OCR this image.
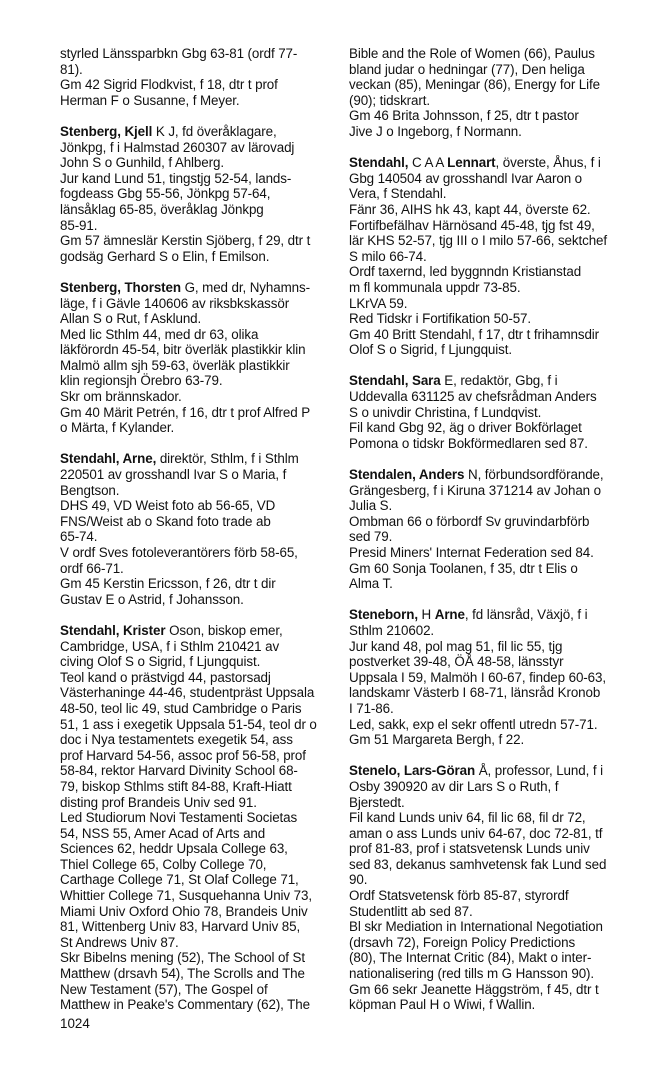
styrled Länssparbkn Gbg 63-81 (ordf 77-
81).
Gm 42 Sigrid Flodkvist, f 18, dtr t prof
Herman F o Susanne, f Meyer.
Stenberg, Kjell K J, fd överåklagare,
Jönkpg, f i Halmstad 260307 av lärovadj
John S o Gunhild, f Ahlberg.
Jur kand Lund 51, tingstjg 52-54, lands-
fogdeass Gbg 55-56, Jönkpg 57-64,
länsåklag 65-85, överåklag Jönkpg
85-91.
Gm 57 ämneslär Kerstin Sjöberg, f 29, dtr t
godsäg Gerhard S o Elin, f Emilson.
Stenberg, Thorsten G, med dr, Nyhamns-
läge, f i Gävle 140606 av riksbkskassör
Allan S o Rut, f Asklund.
Med lic Sthlm 44, med dr 63, olika
läkförordn 45-54, bitr överläk plastikkir klin
Malmö allm sjh 59-63, överläk plastikkir
klin regionsjh Örebro 63-79.
Skr om brännskador.
Gm 40 Märit Petrén, f 16, dtr t prof Alfred P
o Märta, f Kylander.
Stendahl, Arne, direktör, Sthlm, f i Sthlm
220501 av grosshandl Ivar S o Maria, f
Bengtson.
DHS 49, VD Weist foto ab 56-65, VD
FNS/Weist ab o Skand foto trade ab
65-74.
V ordf Sves fotoleverantörers förb 58-65,
ordf 66-71.
Gm 45 Kerstin Ericsson, f 26, dtr t dir
Gustav E o Astrid, f Johansson.
Stendahl, Krister Oson, biskop emer,
Cambridge, USA, f i Sthlm 210421 av
civing Olof S o Sigrid, f Ljungquist.
Teol kand o prästvigd 44, pastorsadj
Västerhaninge 44-46, studentpräst Uppsala
48-50, teol lic 49, stud Cambridge o Paris
51, 1 ass i exegetik Uppsala 51-54, teol dr o
doc i Nya testamentets exegetik 54, ass
prof Harvard 54-56, assoc prof 56-58, prof
58-84, rektor Harvard Divinity School 68-
79, biskop Sthlms stift 84-88, Kraft-Hiatt
disting prof Brandeis Univ sed 91.
Led Studiorum Novi Testamenti Societas
54, NSS 55, Amer Acad of Arts and
Sciences 62, heddr Upsala College 63,
Thiel College 65, Colby College 70,
Carthage College 71, St Olaf College 71,
Whittier College 71, Susquehanna Univ 73,
Miami Univ Oxford Ohio 78, Brandeis Univ
81, Wittenberg Univ 83, Harvard Univ 85,
St Andrews Univ 87.
Skr Bibelns mening (52), The School of St
Matthew (drsavh 54), The Scrolls and The
New Testament (57), The Gospel of
Matthew in Peake's Commentary (62), The
Bible and the Role of Women (66), Paulus
bland judar o hedningar (77), Den heliga
veckan (85), Meningar (86), Energy for Life
(90); tidskrart.
Gm 46 Brita Johnsson, f 25, dtr t pastor
Jive J o Ingeborg, f Normann.
Stendahl, C A A Lennart, överste, Åhus, f i
Gbg 140504 av grosshandl Ivar Aaron o
Vera, f Stendahl.
Fänr 36, AIHS hk 43, kapt 44, överste 62.
Fortifbefälhav Härnösand 45-48, tjg fst 49,
lär KHS 52-57, tjg III o I milo 57-66, sektchef
S milo 66-74.
Ordf taxernd, led byggnndn Kristianstad
m fl kommunala uppdr 73-85.
LKrVA 59.
Red Tidskr i Fortifikation 50-57.
Gm 40 Britt Stendahl, f 17, dtr t frihamnsdir
Olof S o Sigrid, f Ljungquist.
Stendahl, Sara E, redaktör, Gbg, f i
Uddevalla 631125 av chefsrådman Anders
S o univdir Christina, f Lundqvist.
Fil kand Gbg 92, äg o driver Bokförlaget
Pomona o tidskr Bokförmedlaren sed 87.
Stendalen, Anders N, förbundsordförande,
Grängesberg, f i Kiruna 371214 av Johan o
Julia S.
Ombman 66 o förbordf Sv gruvindarbförb
sed 79.
Presid Miners' Internat Federation sed 84.
Gm 60 Sonja Toolanen, f 35, dtr t Elis o
Alma T.
Steneborn, H Arne, fd länsråd, Växjö, f i
Sthlm 210602.
Jur kand 48, pol mag 51, fil lic 55, tjg
postverket 39-48, ÖÅ 48-58, länsstyr
Uppsala I 59, Malmöh I 60-67, findep 60-63,
landskamr Västerb I 68-71, länsråd Kronob
I 71-86.
Led, sakk, exp el sekr offentl utredn 57-71.
Gm 51 Margareta Bergh, f 22.
Stenelo, Lars-Göran Å, professor, Lund, f i
Osby 390920 av dir Lars S o Ruth, f
Bjerstedt.
Fil kand Lunds univ 64, fil lic 68, fil dr 72,
aman o ass Lunds univ 64-67, doc 72-81, tf
prof 81-83, prof i statsvetensk Lunds univ
sed 83, dekanus samhvetensk fak Lund sed
90.
Ordf Statsvetensk förb 85-87, styrordf
Studentlitt ab sed 87.
Bl skr Mediation in International Negotiation
(drsavh 72), Foreign Policy Predictions
(80), The Internat Critic (84), Makt o inter-
nationalisering (red tills m G Hansson 90).
Gm 66 sekr Jeanette Häggström, f 45, dtr t
köpman Paul H o Wiwi, f Wallin.
1024
